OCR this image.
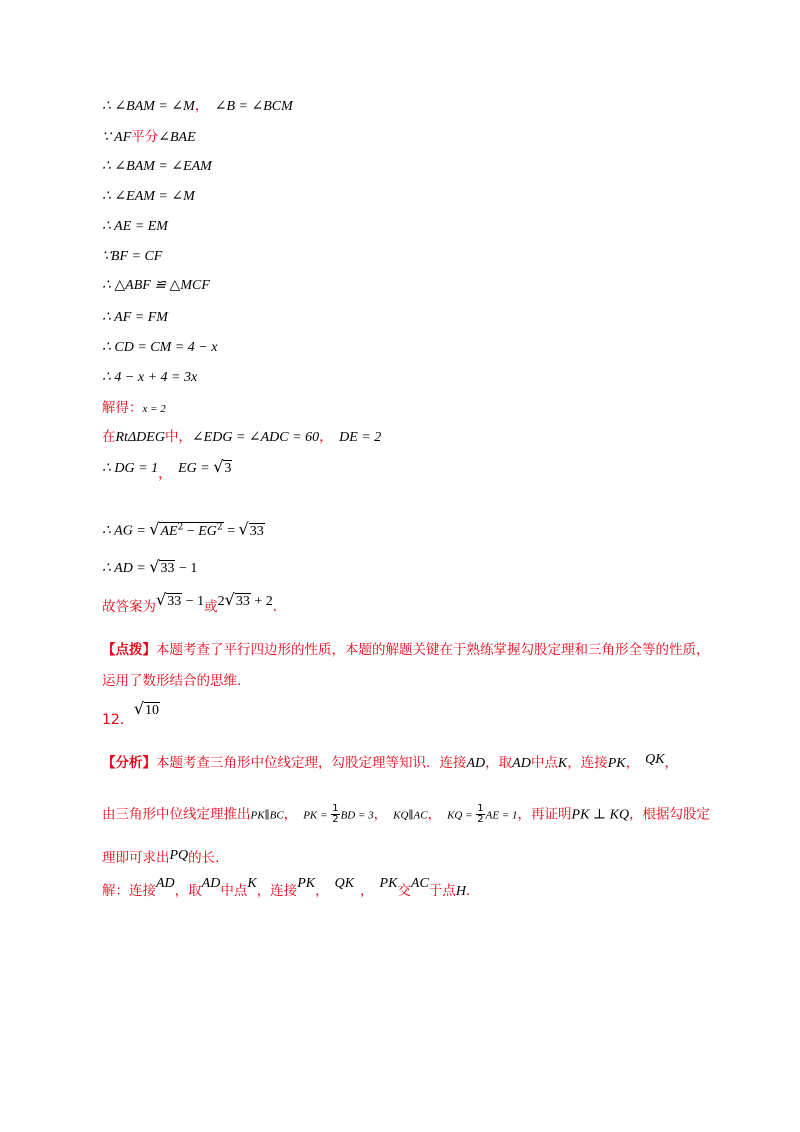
∴ ∠BAM = ∠M， ∠B = ∠BCM
∵ AF平分∠BAE
∴ ∠BAM = ∠EAM
∴ ∠EAM = ∠M
∴ AE = EM
∵BF = CF
∴ △ABF ≌ △MCF
∴ AF = FM
∴ CD = CM = 4 − x
∴ 4 − x + 4 = 3x
解得：x = 2
在RtΔDEG中，∠EDG = ∠ADC = 60， DE = 2
∴ DG = 1， EG = √3
∴ AG = $√AE^2 - EG^2 = √33$
∴ AD = √33 − 1
故答案为√33 − 1或2√33 + 2．
【点拨】本题考查了平行四边形的性质，本题的解题关键在于熟练掌握勾股定理和三角形全等的性质，
运用了数形结合的思维.
12．√10
【分析】本题考查三角形中位线定理，勾股定理等知识．连接AD，取AD中点K，连接PK， QK，
由三角形中位线定理推出PK∥BC， PK = $\frac{1}{2}$ BD = 3， KQ∥AC， KQ = $\frac{1}{2}$ AE = 1，再证明PK ⊥ KQ，根据勾股定
理即可求出PQ的长.
解：连接AD，取AD中点K，连接PK， QK ， PK交AC于点H.
